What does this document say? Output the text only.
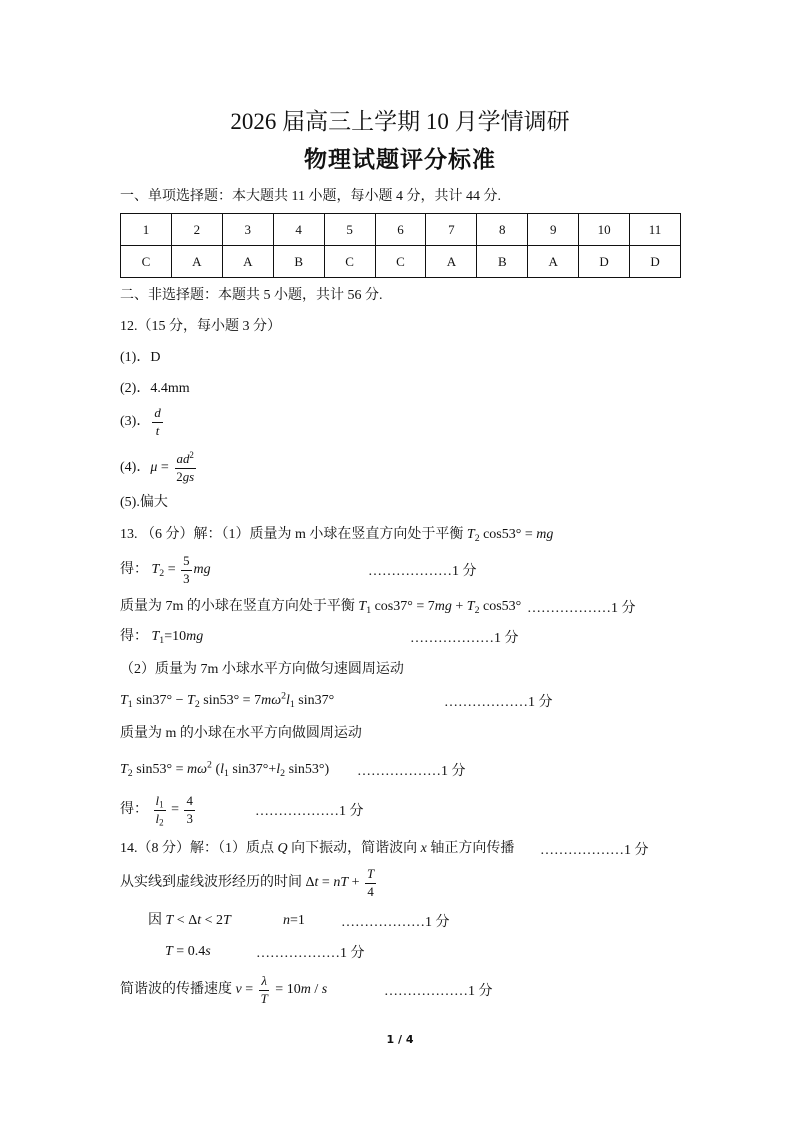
2026 届高三上学期 10 月学情调研
物理试题评分标准
一、单项选择题：本大题共 11 小题，每小题 4 分，共计 44 分.
1	2	3	4	5	6	7	8	9	10	11
C	A	A	B	C	C	A	B	A	D	D
二、非选择题：本题共 5 小题，共计 56 分.
12.（15 分，每小题 3 分）
(1)．D
(2)．4.4mm
(3)． $\frac{d}{t}$
(4)．$\mu = \frac{ad^2}{2gs}$
(5).偏大
13. （6 分）解：（1）质量为 m 小球在竖直方向处于平衡 $T_2$ cos53° = mg
得： $T_2 = \frac{5}{3}$ mg	………………1 分
质量为 7m 的小球在竖直方向处于平衡 $T_1$ $\cos 37^\circ = 7mg + T_2$ cos53° ………………1 分
得： $T_1=10mg$	………………1 分
（2）质量为 7m 小球水平方向做匀速圆周运动
$T_1$ $\sin 37^\circ - T_2$ $\sin 53^\circ = 7m\omega^2l_1$ sin37°	………………1 分
质量为 m 的小球在水平方向做圆周运动
$T_2$ $\sin 53^\circ = m\omega^2$ ($l_1$ $\sin 37^\circ+l_2$ sin53°) ………………1 分
得： $\frac{l_1}{l_2} = \frac{4}{3}$	………………1 分
14.（8 分）解：（1）质点 Q 向下振动，简谐波向 x 轴正方向传播 ………………1 分
从实线到虚线波形经历的时间 Δt = nT + $\frac{T}{4}$
因 T < Δt < 2T	n =1	………………1 分
T = 0.4s	………………1 分
简谐波的传播速度 $v = \frac{\lambda}{T} = 10m / s$	………………1 分
1 / 4
